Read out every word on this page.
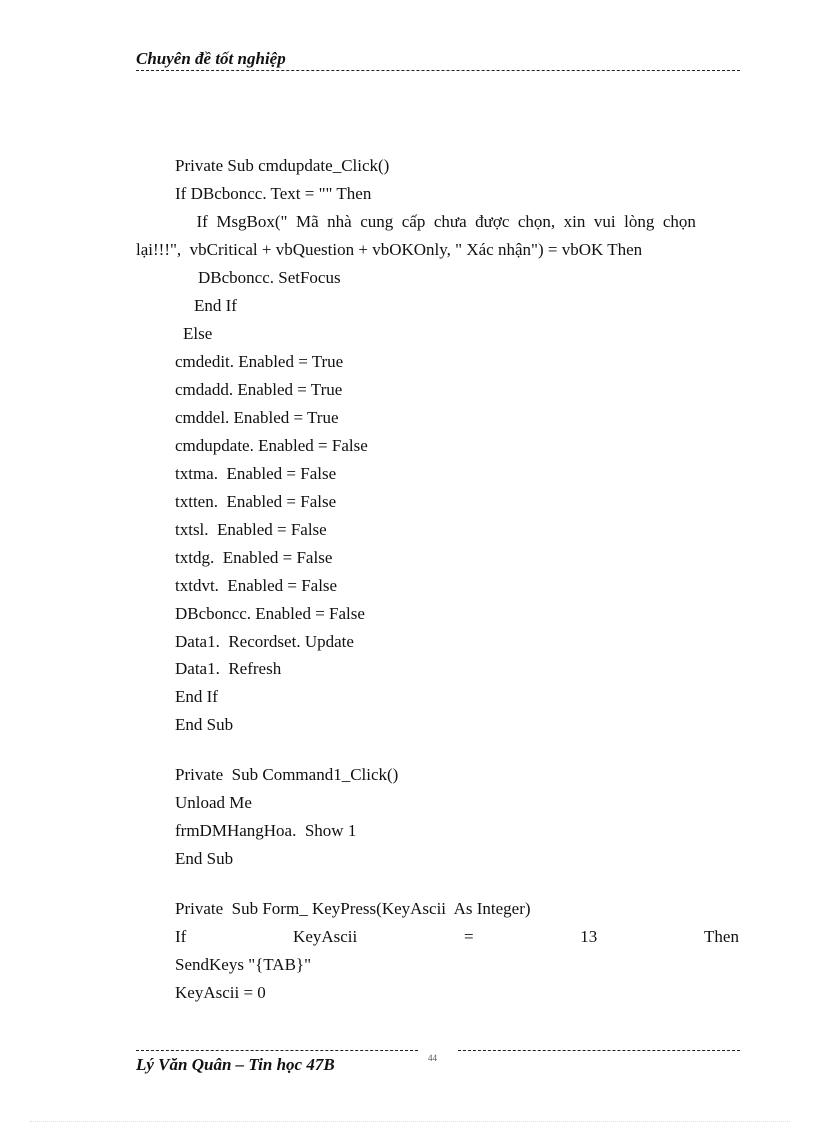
Chuyên đề tốt nghiệp
Private Sub cmdupdate_Click()
If DBcboncc. Text = "" Then
If  MsgBox("  Mã  nhà  cung  cấp  chưa  được  chọn,  xin  vui  lòng  chọn
lại!!!",  vbCritical + vbQuestion + vbOKOnly, " Xác nhận") = vbOK Then
DBcboncc. SetFocus
End If
Else
cmdedit. Enabled = True
cmdadd. Enabled = True
cmddel. Enabled = True
cmdupdate. Enabled = False
txtma.  Enabled = False
txtten.  Enabled = False
txtsl.  Enabled = False
txtdg.  Enabled = False
txtdvt.  Enabled = False
DBcboncc. Enabled = False
Data1.  Recordset. Update
Data1.  Refresh
End If
End Sub
Private  Sub Command1_Click()
Unload Me
frmDMHangHoa.  Show 1
End Sub
Private  Sub Form_ KeyPress(KeyAscii  As Integer)
If	KeyAscii	=	13	Then
SendKeys "{TAB}"
KeyAscii = 0
Lý Văn Quân – Tin học 47B	44
